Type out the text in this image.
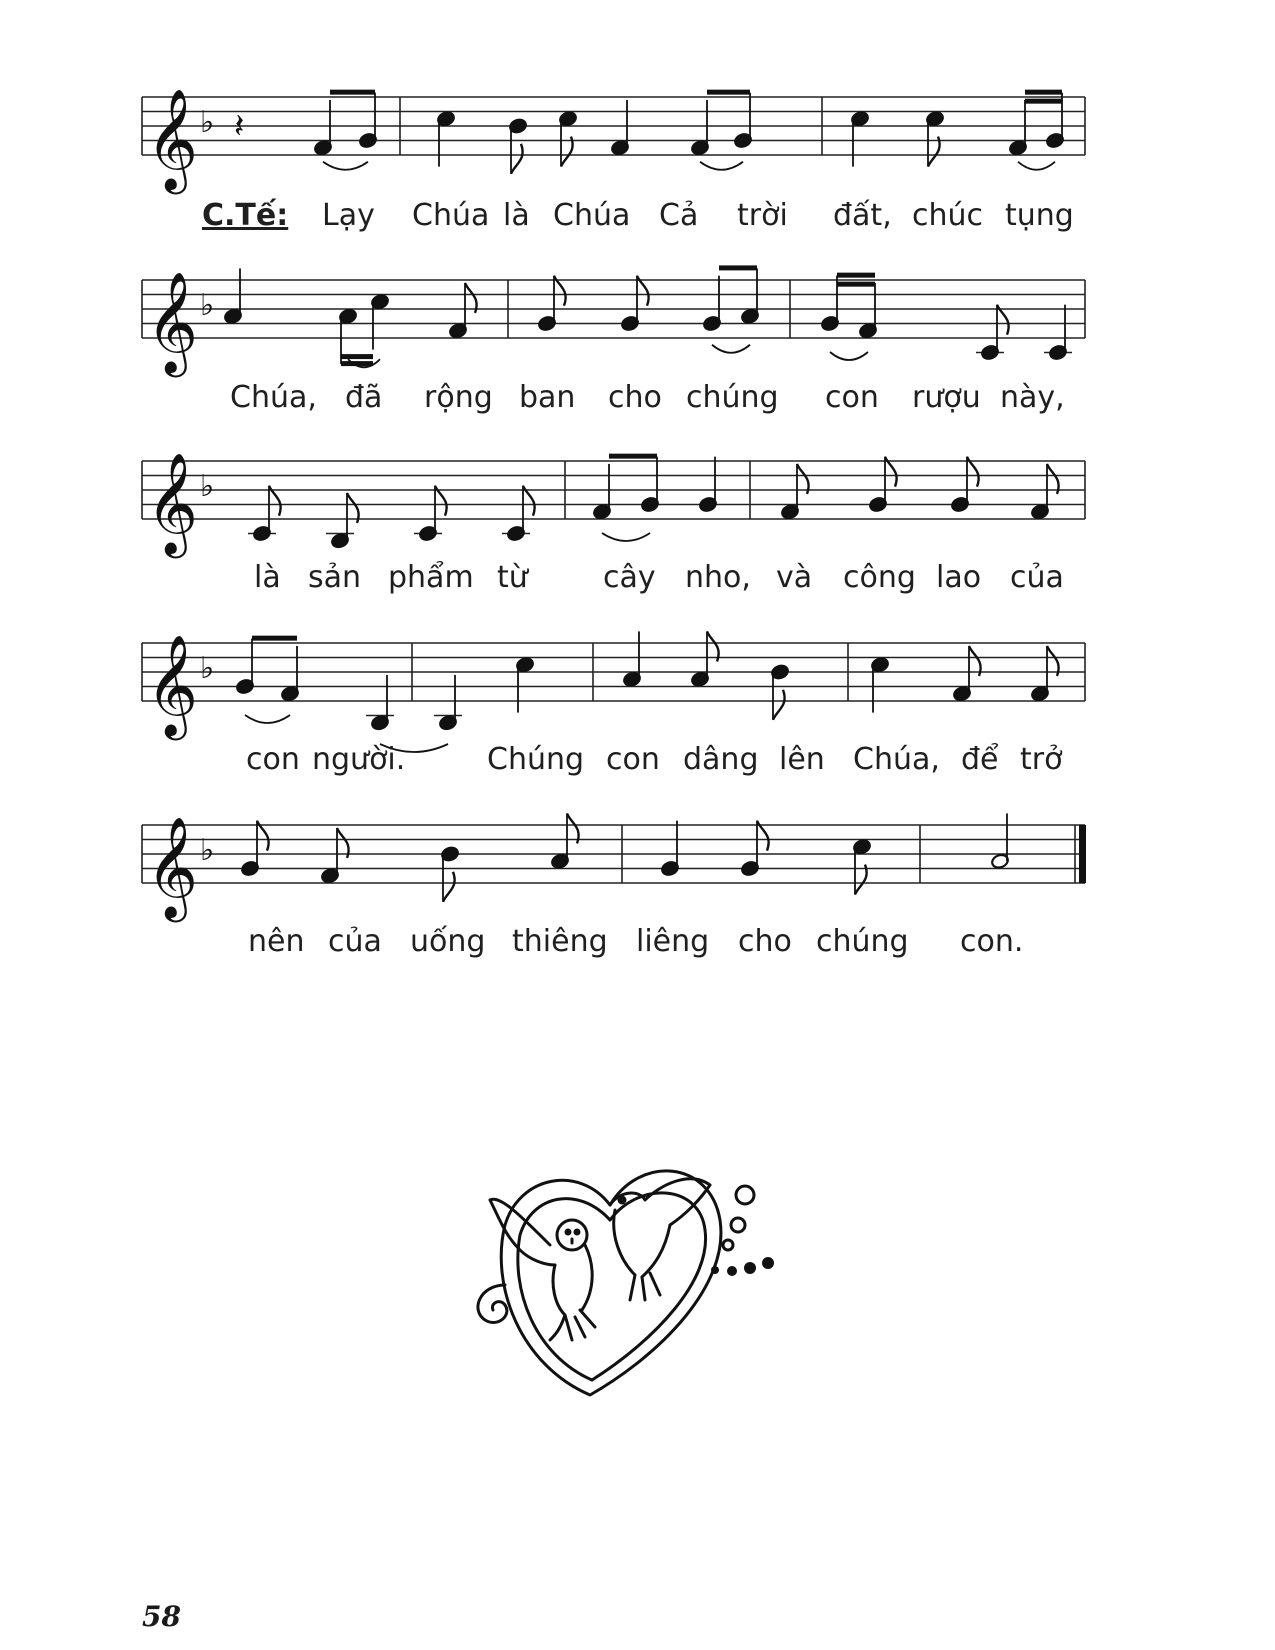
𝄞 ♭ 𝄽
C.Tế: Lạy Chúa là Chúa Cả trời đất, chúc tụng
𝄞 ♭
Chúa, đã rộng ban cho chúng con rượu này,
𝄞 ♭
là sản phẩm từ	cây nho, và công lao của
𝄞 ♭
con người.	Chúng con dâng lên Chúa, để trở
𝄞 ♭
nên của uống thiêng liêng cho chúng con.
58
